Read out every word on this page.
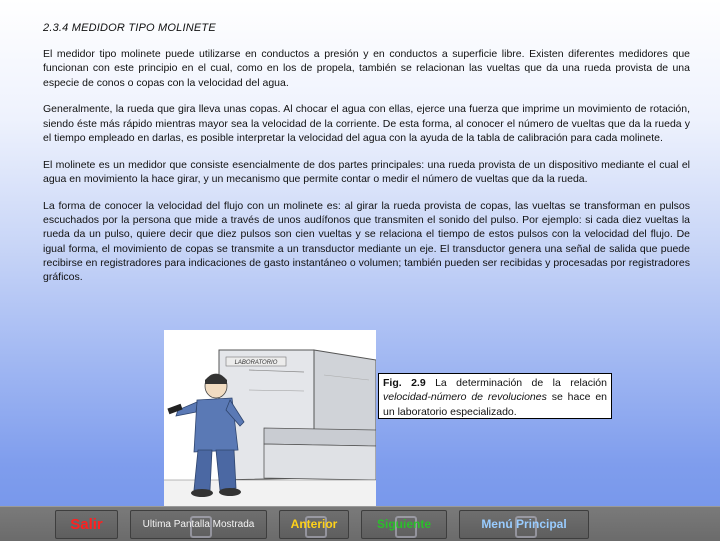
2.3.4 MEDIDOR TIPO MOLINETE

El medidor tipo molinete puede utilizarse en conductos a presión y en conductos a superficie libre. Existen diferentes medidores que funcionan con este principio en el cual, como en los de propela, también se relacionan las vueltas que da una rueda provista de una especie de conos o copas con la velocidad del agua.

Generalmente, la rueda que gira lleva unas copas. Al chocar el agua con ellas, ejerce una fuerza que imprime un movimiento de rotación, siendo éste más rápido mientras mayor sea la velocidad de la corriente. De esta forma, al conocer el número de vueltas que da la rueda y el tiempo empleado en darlas, es posible interpretar la velocidad del agua con la ayuda de la tabla de calibración para cada molinete.

El molinete es un medidor que consiste esencialmente de dos partes principales: una rueda provista de un dispositivo mediante el cual el agua en movimiento la hace girar, y un mecanismo que permite contar o medir el número de vueltas que da la rueda.

La forma de conocer la velocidad del flujo con un molinete es: al girar la rueda provista de copas, las vueltas se transforman en pulsos escuchados por la persona que mide a través de unos audífonos que transmiten el sonido del pulso. Por ejemplo: si cada diez vueltas la rueda da un pulso, quiere decir que diez pulsos son cien vueltas y se relaciona el tiempo de estos pulsos con la velocidad del flujo. De igual forma, el movimiento de copas se transmite a un transductor mediante un eje. El transductor genera una señal de salida que puede recibirse en registradores para indicaciones de gasto instantáneo o volumen; también pueden ser recibidas y procesadas por registradores gráficos.

LABORATORIO
Fig. 2.9 La determinación de la relación velocidad-número de revoluciones se hace en un laboratorio especializado.
Salir	Ultima Pantalla Mostrada	Anterior	Siguiente	Menú Principal
